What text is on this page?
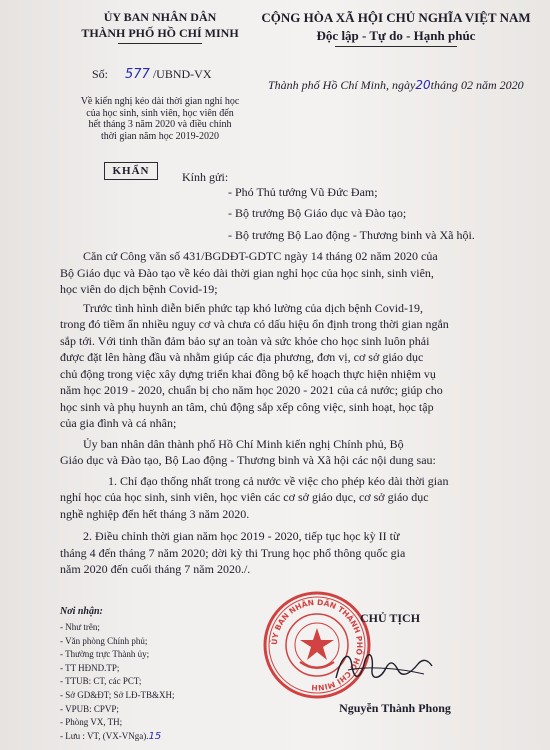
ỦY BAN NHÂN DÂN
THÀNH PHỐ HỒ CHÍ MINH
CỘNG HÒA XÃ HỘI CHỦ NGHĨA VIỆT NAM
Độc lập - Tự do - Hạnh phúc
Số: 577 /UBND-VX
Thành phố Hồ Chí Minh, ngày20tháng 02 năm 2020
Về kiến nghị kéo dài thời gian nghỉ học
của học sinh, sinh viên, học viên đến
hết tháng 3 năm 2020 và điều chỉnh
thời gian năm học 2019-2020
KHẨN	Kính gửi:
- Phó Thủ tướng Vũ Đức Đam;
- Bộ trưởng Bộ Giáo dục và Đào tạo;
- Bộ trưởng Bộ Lao động - Thương binh và Xã hội.
Căn cứ Công văn số 431/BGDĐT-GDTC ngày 14 tháng 02 năm 2020 của
Bộ Giáo dục và Đào tạo về kéo dài thời gian nghỉ học của học sinh, sinh viên,
học viên do dịch bệnh Covid-19;
Trước tình hình diễn biến phức tạp khó lường của dịch bệnh Covid-19,
trong đó tiềm ẩn nhiều nguy cơ và chưa có dấu hiệu ổn định trong thời gian ngắn
sắp tới. Với tinh thần đảm bảo sự an toàn và sức khỏe cho học sinh luôn phải
được đặt lên hàng đầu và nhằm giúp các địa phương, đơn vị, cơ sở giáo dục
chủ động trong việc xây dựng triển khai đồng bộ kế hoạch thực hiện nhiệm vụ
năm học 2019 - 2020, chuẩn bị cho năm học 2020 - 2021 của cả nước; giúp cho
học sinh và phụ huynh an tâm, chủ động sắp xếp công việc, sinh hoạt, học tập
của gia đình và cá nhân;
Ủy ban nhân dân thành phố Hồ Chí Minh kiến nghị Chính phủ, Bộ
Giáo dục và Đào tạo, Bộ Lao động - Thương binh và Xã hội các nội dung sau:
1. Chỉ đạo thống nhất trong cả nước về việc cho phép kéo dài thời gian
nghỉ học của học sinh, sinh viên, học viên các cơ sở giáo dục, cơ sở giáo dục
nghề nghiệp đến hết tháng 3 năm 2020.
2. Điều chỉnh thời gian năm học 2019 - 2020, tiếp tục học kỳ II từ
tháng 4 đến tháng 7 năm 2020; dời kỳ thi Trung học phổ thông quốc gia
năm 2020 đến cuối tháng 7 năm 2020./.
Nơi nhận:
- Như trên;
- Văn phòng Chính phủ;
- Thường trực Thành ủy;
- TT HĐND.TP;
- TTUB: CT, các PCT;
- Sở GD&ĐT; Sở LĐ-TB&XH;
- VPUB: CPVP;
- Phòng VX, TH;
- Lưu : VT, (VX-VNga).15
ỦY BAN NHÂN DÂN THÀNH PHỐ HỒ CHÍ MINH
CHỦ TỊCH
Nguyễn Thành Phong
